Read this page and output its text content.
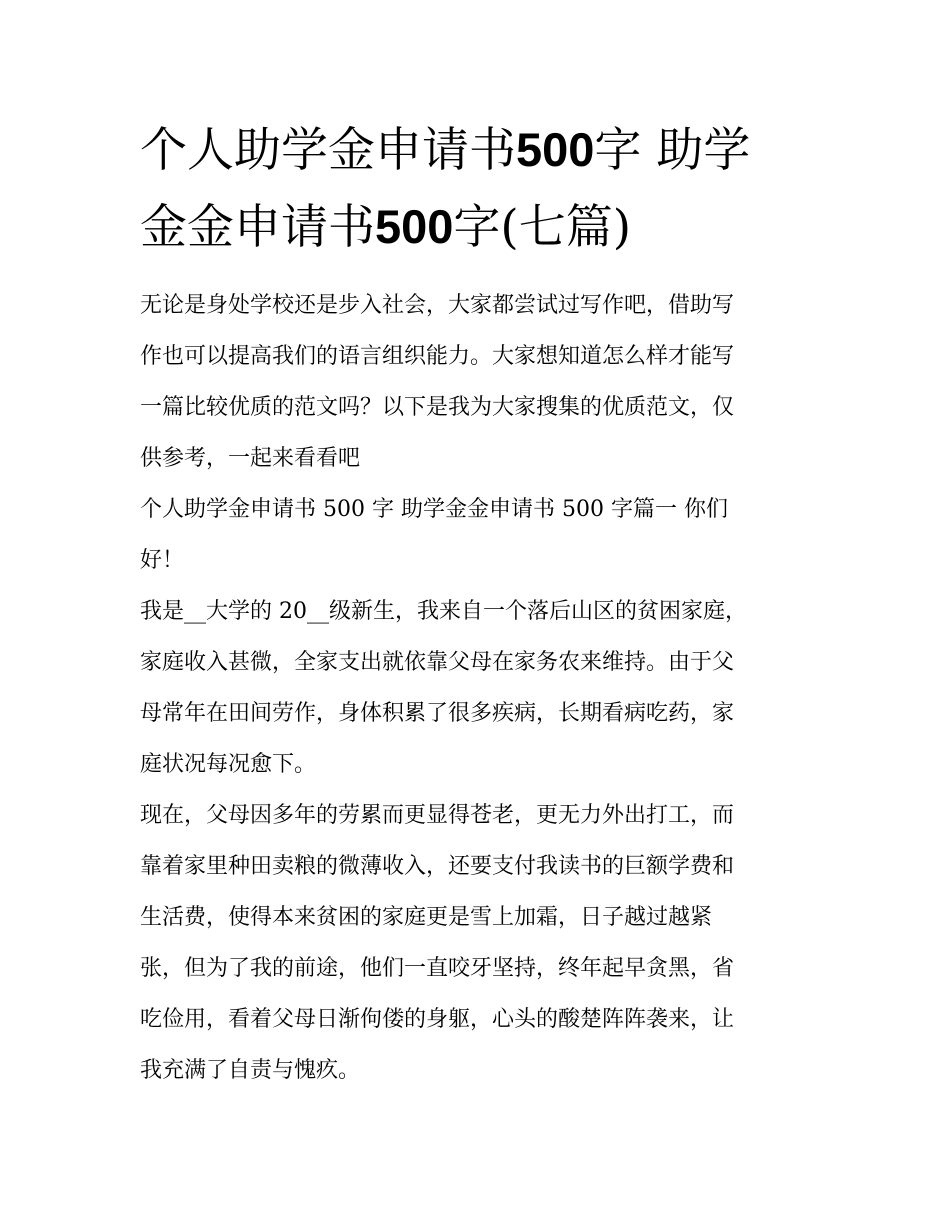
个人助学金申请书500字 助学
金金申请书500字(七篇)

无论是身处学校还是步入社会，大家都尝试过写作吧，借助写
作也可以提高我们的语言组织能力。大家想知道怎么样才能写
一篇比较优质的范文吗？以下是我为大家搜集的优质范文，仅
供参考，一起来看看吧

个人助学金申请书 500 字 助学金金申请书 500 字篇一 你们
好！

我是__大学的 20__级新生，我来自一个落后山区的贫困家庭，
家庭收入甚微，全家支出就依靠父母在家务农来维持。由于父
母常年在田间劳作，身体积累了很多疾病，长期看病吃药，家
庭状况每况愈下。

现在，父母因多年的劳累而更显得苍老，更无力外出打工，而
靠着家里种田卖粮的微薄收入，还要支付我读书的巨额学费和
生活费，使得本来贫困的家庭更是雪上加霜，日子越过越紧
张，但为了我的前途，他们一直咬牙坚持，终年起早贪黑，省
吃俭用，看着父母日渐佝偻的身躯，心头的酸楚阵阵袭来，让
我充满了自责与愧疚。
